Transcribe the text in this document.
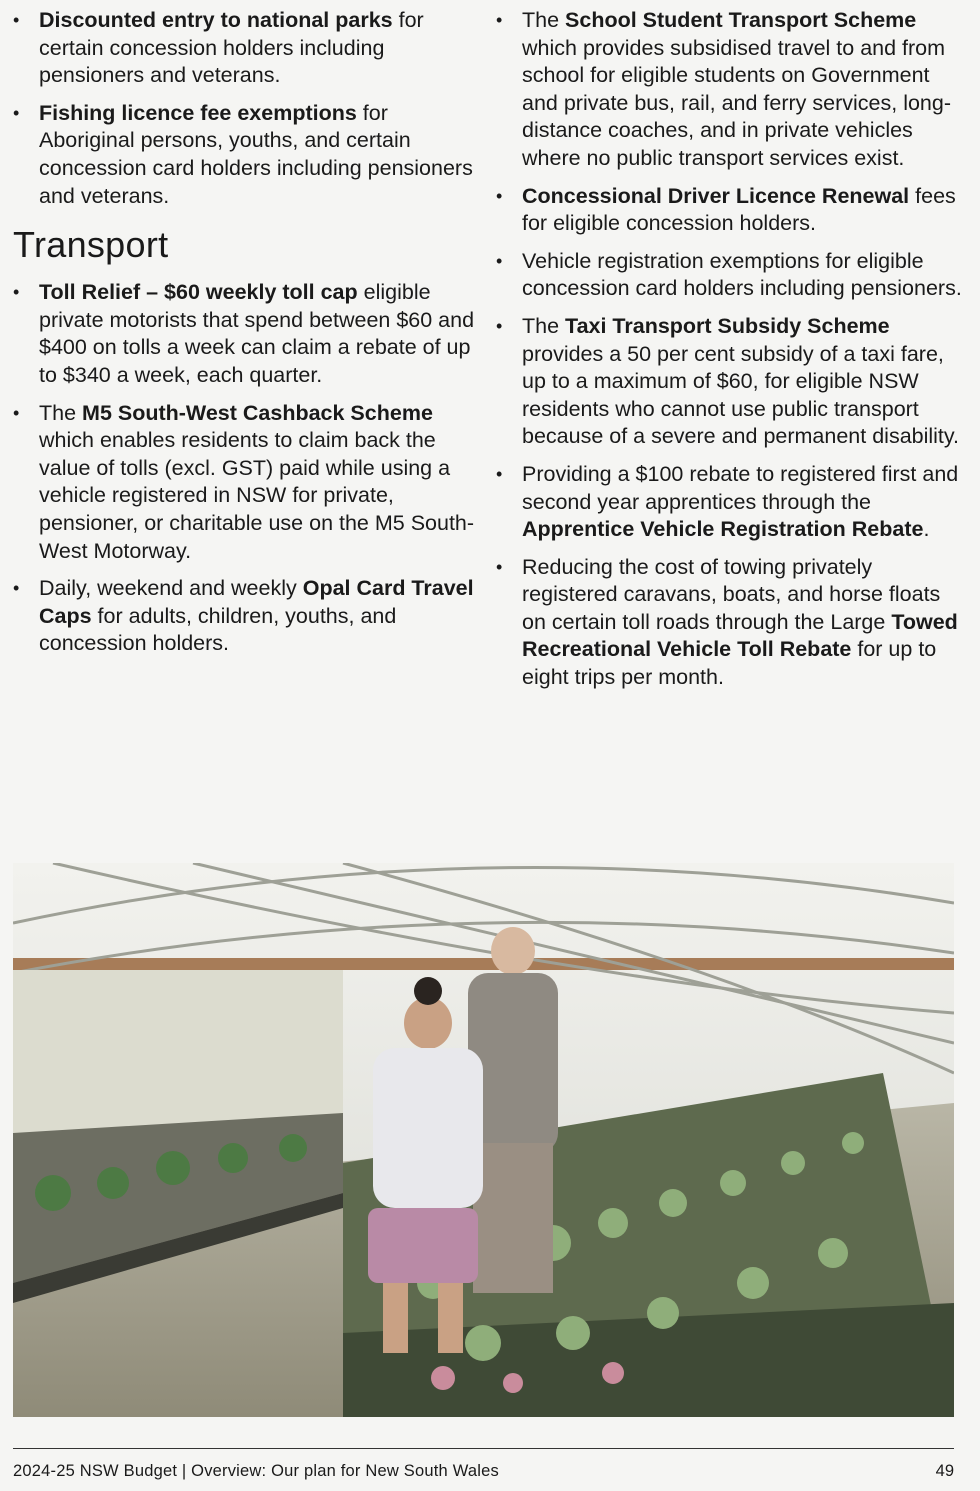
• Discounted entry to national parks for certain concession holders including pensioners and veterans.
• Fishing licence fee exemptions for Aboriginal persons, youths, and certain concession card holders including pensioners and veterans.
Transport
• Toll Relief – $60 weekly toll cap eligible private motorists that spend between $60 and $400 on tolls a week can claim a rebate of up to $340 a week, each quarter.
• The M5 South-West Cashback Scheme which enables residents to claim back the value of tolls (excl. GST) paid while using a vehicle registered in NSW for private, pensioner, or charitable use on the M5 South-West Motorway.
• Daily, weekend and weekly Opal Card Travel Caps for adults, children, youths, and concession holders.
• The School Student Transport Scheme which provides subsidised travel to and from school for eligible students on Government and private bus, rail, and ferry services, long-distance coaches, and in private vehicles where no public transport services exist.
• Concessional Driver Licence Renewal fees for eligible concession holders.
• Vehicle registration exemptions for eligible concession card holders including pensioners.
• The Taxi Transport Subsidy Scheme provides a 50 per cent subsidy of a taxi fare, up to a maximum of $60, for eligible NSW residents who cannot use public transport because of a severe and permanent disability.
• Providing a $100 rebate to registered first and second year apprentices through the Apprentice Vehicle Registration Rebate.
• Reducing the cost of towing privately registered caravans, boats, and horse floats on certain toll roads through the Large Towed Recreational Vehicle Toll Rebate for up to eight trips per month.
2024-25 NSW Budget | Overview: Our plan for New South Wales	49
